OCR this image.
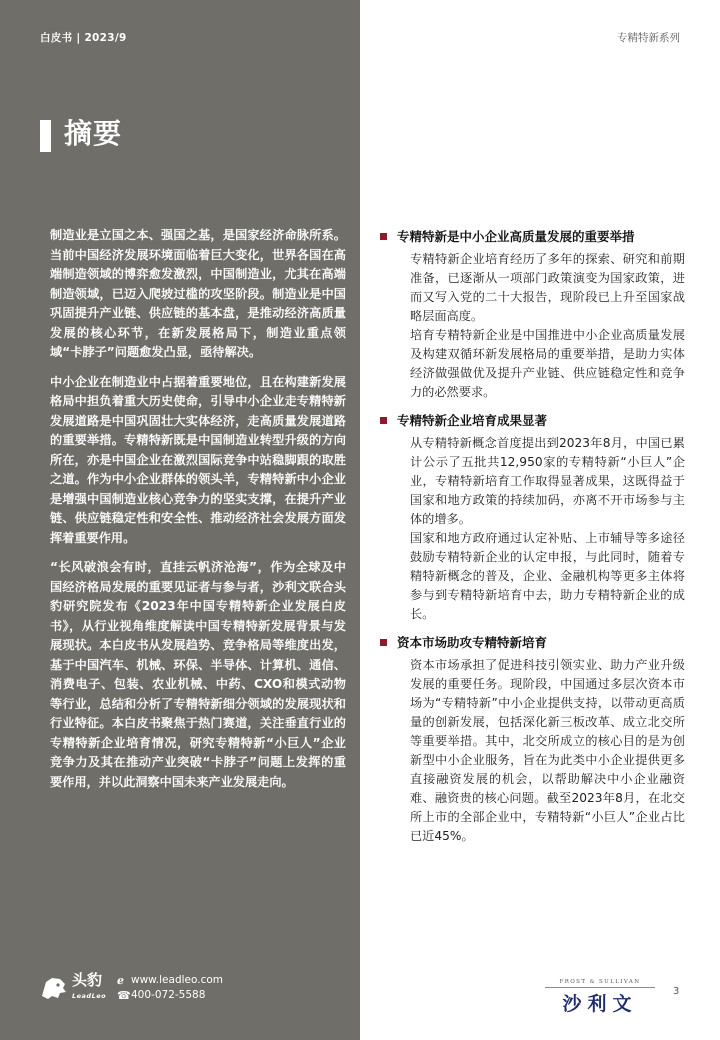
白皮书 | 2023/9	专精特新系列
摘要

制造业是立国之本、强国之基，是国家经济命脉所系。当前中国经济发展环境面临着巨大变化，世界各国在高端制造领域的博弈愈发激烈，中国制造业，尤其在高端制造领域，已迈入爬坡过槛的攻坚阶段。制造业是中国巩固提升产业链、供应链的基本盘，是推动经济高质量发展的核心环节，在新发展格局下，制造业重点领域“卡脖子”问题愈发凸显，亟待解决。

中小企业在制造业中占据着重要地位，且在构建新发展格局中担负着重大历史使命，引导中小企业走专精特新发展道路是中国巩固壮大实体经济，走高质量发展道路的重要举措。专精特新既是中国制造业转型升级的方向所在，亦是中国企业在激烈国际竞争中站稳脚跟的取胜之道。作为中小企业群体的领头羊，专精特新中小企业是增强中国制造业核心竞争力的坚实支撑，在提升产业链、供应链稳定性和安全性、推动经济社会发展方面发挥着重要作用。

“长风破浪会有时，直挂云帆济沧海”，作为全球及中国经济格局发展的重要见证者与参与者，沙利文联合头豹研究院发布《2023年中国专精特新企业发展白皮书》，从行业视角维度解读中国专精特新发展背景与发展现状。本白皮书从发展趋势、竞争格局等维度出发，基于中国汽车、机械、环保、半导体、计算机、通信、消费电子、包装、农业机械、中药、CXO和模式动物等行业，总结和分析了专精特新细分领域的发展现状和行业特征。本白皮书聚焦于热门赛道，关注垂直行业的专精特新企业培育情况，研究专精特新“小巨人”企业竞争力及其在推动产业突破“卡脖子”问题上发挥的重要作用，并以此洞察中国未来产业发展走向。

专精特新是中小企业高质量发展的重要举措

专精特新企业培育经历了多年的探索、研究和前期准备，已逐渐从一项部门政策演变为国家政策，进而又写入党的二十大报告，现阶段已上升至国家战略层面高度。

培育专精特新企业是中国推进中小企业高质量发展及构建双循环新发展格局的重要举措，是助力实体经济做强做优及提升产业链、供应链稳定性和竞争力的必然要求。

专精特新企业培育成果显著

从专精特新概念首度提出到2023年8月，中国已累计公示了五批共12,950家的专精特新“小巨人”企业，专精特新培育工作取得显著成果，这既得益于国家和地方政策的持续加码，亦离不开市场参与主体的增多。

国家和地方政府通过认定补贴、上市辅导等多途径鼓励专精特新企业的认定申报，与此同时，随着专精特新概念的普及，企业、金融机构等更多主体将参与到专精特新培育中去，助力专精特新企业的成长。

资本市场助攻专精特新培育

资本市场承担了促进科技引领实业、助力产业升级发展的重要任务。现阶段，中国通过多层次资本市场为“专精特新”中小企业提供支持，以带动更高质量的创新发展，包括深化新三板改革、成立北交所等重要举措。其中，北交所成立的核心目的是为创新型中小企业服务，旨在为此类中小企业提供更多直接融资发展的机会，以帮助解决中小企业融资难、融资贵的核心问题。截至2023年8月，在北交所上市的全部企业中，专精特新“小巨人”企业占比已近45%。

头豹
LeadLeo
ℯ www.leadleo.com
☎ 400-072-5588
FROST & SULLIVAN
沙利文
3
